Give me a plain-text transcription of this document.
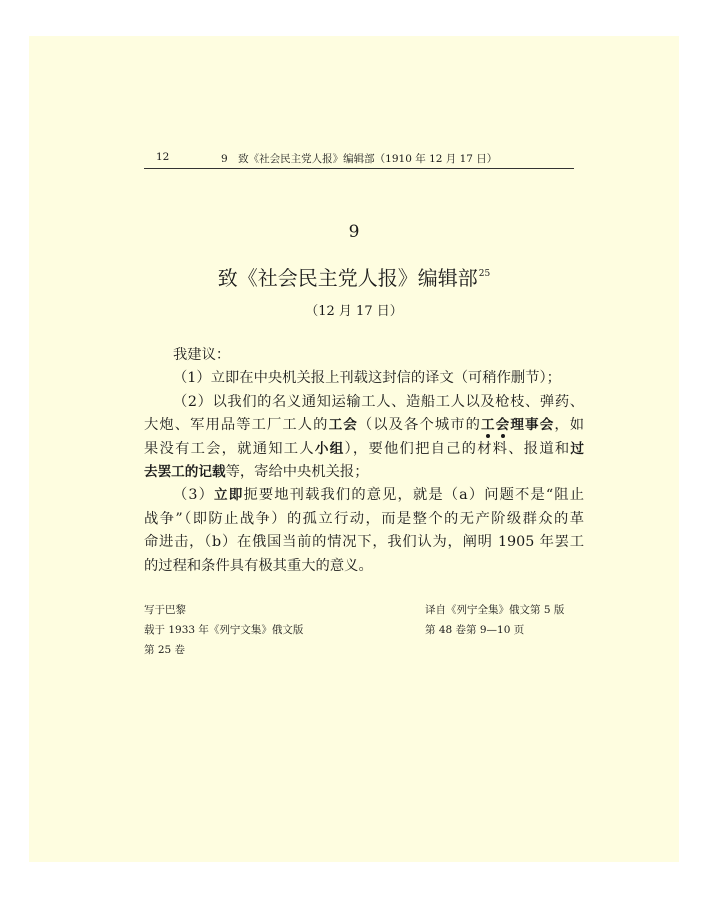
12	9　致《社会民主党人报》编辑部（1910 年 12 月 17 日）
9
致《社会民主党人报》编辑部$^{25}$
（12 月 17 日）

我建议：

（1）立即在中央机关报上刊载这封信的译文（可稍作删节）；

（2）以我们的名义通知运输工人、造船工人以及枪枝、弹药、

大炮、军用品等工厂工人的工会（以及各个城市的工会理事会，如

果没有工会，就通知工人小组），要他们把自己的材料、报道和过

去罢工的记载等，寄给中央机关报；

（3）立即扼要地刊载我们的意见，就是（a）问题不是“阻止

战争”（即防止战争）的孤立行动，而是整个的无产阶级群众的革

命进击，（b）在俄国当前的情况下，我们认为，阐明 1905 年罢工

的过程和条件具有极其重大的意义。

写于巴黎
载于 1933 年《列宁文集》俄文版
第 25 卷
译自《列宁全集》俄文第 5 版
第 48 卷第 9—10 页
